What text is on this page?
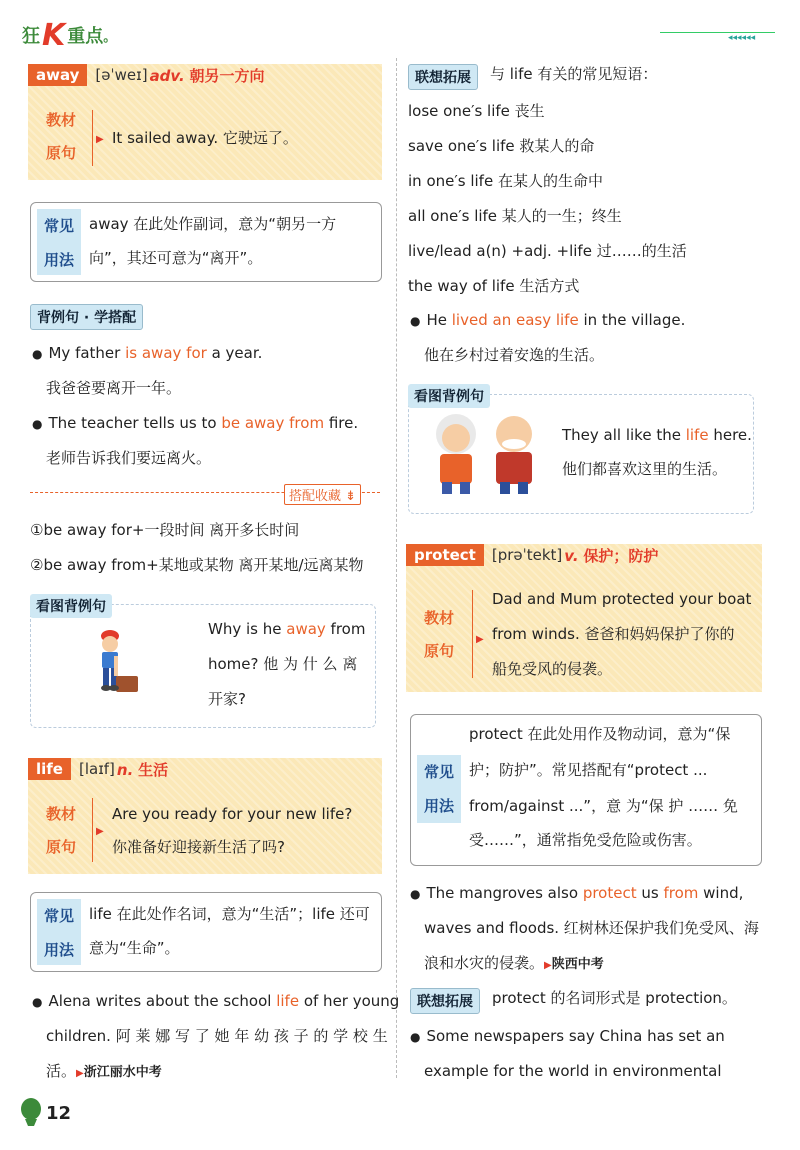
狂 K 重点 。	◂◂◂◂◂◂
away	[əˈweɪ] adv. 朝另一方向
教材
原句
▶ It sailed away. 它驶远了。
常见
用法
away 在此处作副词，意为“朝另一方
向”，其还可意为“离开”。
背例句 · 学搭配
● My father is away for a year.
我爸爸要离开一年。
● The teacher tells us to be away from fire.
老师告诉我们要远离火。
搭配收藏 ⇟
①be away for+一段时间 离开多长时间
②be away from+某地或某物 离开某地/远离某物
看图背例句
Why is he away from
home? 他 为 什 么 离
开家?
life	[laɪf] n. 生活
教材
原句
▶
Are you ready for your new life?
你准备好迎接新生活了吗?
常见
用法
life 在此处作名词，意为“生活”；life 还可
意为“生命”。
● Alena writes about the school life of her young
children. 阿 莱 娜 写 了 她 年 幼 孩 子 的 学 校 生
活。▶浙江丽水中考
联想拓展	与 life 有关的常见短语：
lose one′s life 丧生
save one′s life 救某人的命
in one′s life 在某人的生命中
all one′s life 某人的一生；终生
live/lead a(n) +adj. +life 过……的生活
the way of life 生活方式
● He lived an easy life in the village.
他在乡村过着安逸的生活。
看图背例句
They all like the life here.
他们都喜欢这里的生活。
protect	[prəˈtekt] v. 保护；防护
教材
原句
▶
Dad and Mum protected your boat
from winds. 爸爸和妈妈保护了你的
船免受风的侵袭。
常见
用法
protect 在此处用作及物动词，意为“保
护；防护”。常见搭配有“protect ...
from/against ...”，意 为“保 护 …… 免
受……”，通常指免受危险或伤害。
● The mangroves also protect us from wind,
waves and floods. 红树林还保护我们免受风、海
浪和水灾的侵袭。▶陕西中考
联想拓展	protect 的名词形式是 protection。
● Some newspapers say China has set an
example for the world in environmental
12
